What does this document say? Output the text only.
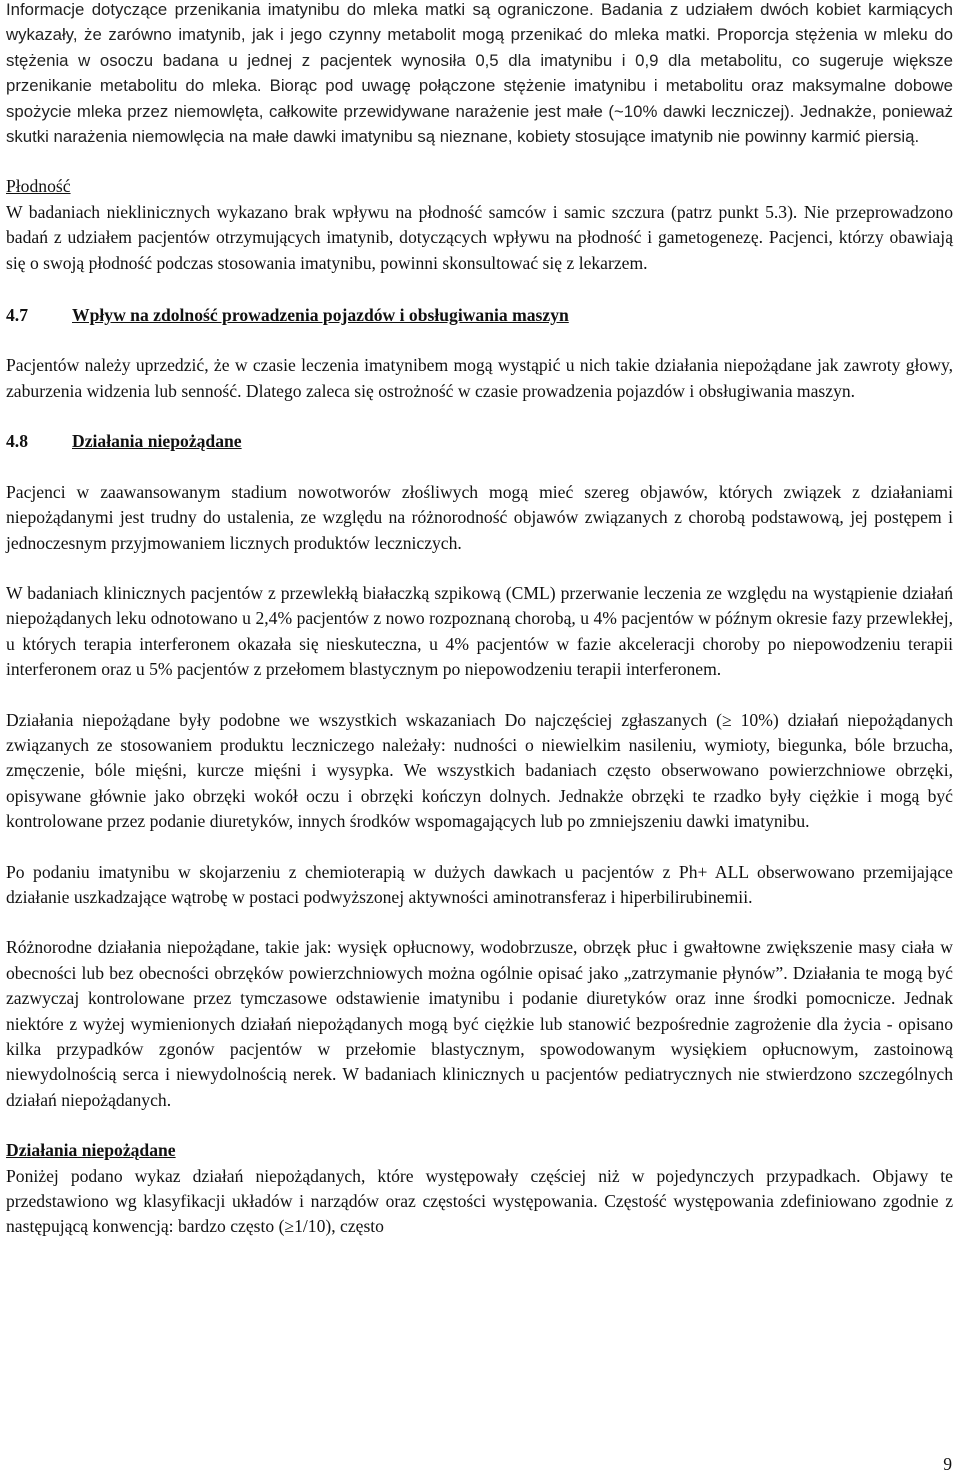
Informacje dotyczące przenikania imatynibu do mleka matki są ograniczone. Badania z udziałem dwóch kobiet karmiących wykazały, że zarówno imatynib, jak i jego czynny metabolit mogą przenikać do mleka matki. Proporcja stężenia w mleku do stężenia w osoczu badana u jednej z pacjentek wynosiła 0,5 dla imatynibu i 0,9 dla metabolitu, co sugeruje większe przenikanie metabolitu do mleka. Biorąc pod uwagę połączone stężenie imatynibu i metabolitu oraz maksymalne dobowe spożycie mleka przez niemowlęta, całkowite przewidywane narażenie jest małe (~10% dawki leczniczej). Jednakże, ponieważ skutki narażenia niemowlęcia na małe dawki imatynibu są nieznane, kobiety stosujące imatynib nie powinny karmić piersią.

Płodność

W badaniach nieklinicznych wykazano brak wpływu na płodność samców i samic szczura (patrz punkt 5.3). Nie przeprowadzono badań z udziałem pacjentów otrzymujących imatynib, dotyczących wpływu na płodność i gametogenezę. Pacjenci, którzy obawiają się o swoją płodność podczas stosowania imatynibu, powinni skonsultować się z lekarzem.

4.7	Wpływ na zdolność prowadzenia pojazdów i obsługiwania maszyn

Pacjentów należy uprzedzić, że w czasie leczenia imatynibem mogą wystąpić u nich takie działania niepożądane jak zawroty głowy, zaburzenia widzenia lub senność. Dlatego zaleca się ostrożność w czasie prowadzenia pojazdów i obsługiwania maszyn.

4.8	Działania niepożądane

Pacjenci w zaawansowanym stadium nowotworów złośliwych mogą mieć szereg objawów, których związek z działaniami niepożądanymi jest trudny do ustalenia, ze względu na różnorodność objawów związanych z chorobą podstawową, jej postępem i jednoczesnym przyjmowaniem licznych produktów leczniczych.

W badaniach klinicznych pacjentów z przewlekłą białaczką szpikową (CML) przerwanie leczenia ze względu na wystąpienie działań niepożądanych leku odnotowano u 2,4% pacjentów z nowo rozpoznaną chorobą, u 4% pacjentów w późnym okresie fazy przewlekłej, u których terapia interferonem okazała się nieskuteczna, u 4% pacjentów w fazie akceleracji choroby po niepowodzeniu terapii interferonem oraz u 5% pacjentów z przełomem blastycznym po niepowodzeniu terapii interferonem.

Działania niepożądane były podobne we wszystkich wskazaniach Do najczęściej zgłaszanych (≥ 10%) działań niepożądanych związanych ze stosowaniem produktu leczniczego należały: nudności o niewielkim nasileniu, wymioty, biegunka, bóle brzucha, zmęczenie, bóle mięśni, kurcze mięśni i wysypka. We wszystkich badaniach często obserwowano powierzchniowe obrzęki, opisywane głównie jako obrzęki wokół oczu i obrzęki kończyn dolnych. Jednakże obrzęki te rzadko były ciężkie i mogą być kontrolowane przez podanie diuretyków, innych środków wspomagających lub po zmniejszeniu dawki imatynibu.

Po podaniu imatynibu w skojarzeniu z chemioterapią w dużych dawkach u pacjentów z Ph+ ALL obserwowano przemijające działanie uszkadzające wątrobę w postaci podwyższonej aktywności aminotransferaz i hiperbilirubinemii.

Różnorodne działania niepożądane, takie jak: wysięk opłucnowy, wodobrzusze, obrzęk płuc i gwałtowne zwiększenie masy ciała w obecności lub bez obecności obrzęków powierzchniowych można ogólnie opisać jako „zatrzymanie płynów”. Działania te mogą być zazwyczaj kontrolowane przez tymczasowe odstawienie imatynibu i podanie diuretyków oraz inne środki pomocnicze. Jednak niektóre z wyżej wymienionych działań niepożądanych mogą być ciężkie lub stanowić bezpośrednie zagrożenie dla życia - opisano kilka przypadków zgonów pacjentów w przełomie blastycznym, spowodowanym wysiękiem opłucnowym, zastoinową niewydolnością serca i niewydolnością nerek. W badaniach klinicznych u pacjentów pediatrycznych nie stwierdzono szczególnych działań niepożądanych.

Działania niepożądane

Poniżej podano wykaz działań niepożądanych, które występowały częściej niż w pojedynczych przypadkach. Objawy te przedstawiono wg klasyfikacji układów i narządów oraz częstości występowania. Częstość występowania zdefiniowano zgodnie z następującą konwencją: bardzo często (≥1/10), często

9
